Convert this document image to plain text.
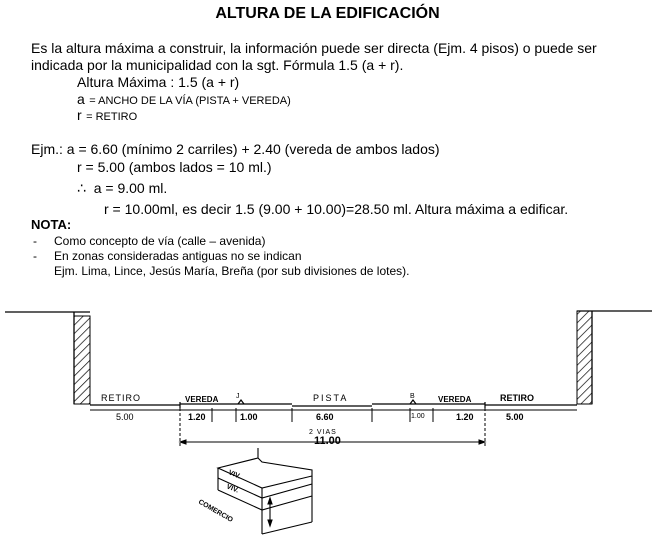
ALTURA DE LA EDIFICACIÓN
Es la altura máxima a construir, la información puede ser directa (Ejm. 4 pisos) o puede ser
indicada por la municipalidad con la sgt. Fórmula 1.5 (a + r).
Altura Máxima : 1.5 (a + r)
a = ANCHO DE LA VÍA (PISTA + VEREDA)
r = RETIRO
Ejm.: a = 6.60 (mínimo 2 carriles) + 2.40 (vereda de ambos lados)
r = 5.00 (ambos lados = 10 ml.)
∴ a = 9.00 ml.
r = 10.00ml, es decir 1.5 (9.00 + 10.00)=28.50 ml. Altura máxima a edificar.
NOTA:
- Como concepto de vía (calle – avenida)
- En zonas consideradas antiguas no se indican
Ejm. Lima, Lince, Jesús María, Breña (por sub divisiones de lotes).
RETIRO	VEREDA	J	PISTA	B	VEREDA	RETIRO
5.00	1.20	1.00	6.60	1.00	1.20	5.00
2 VIAS
11.00
VIV.
VIV.
COMERCIO
